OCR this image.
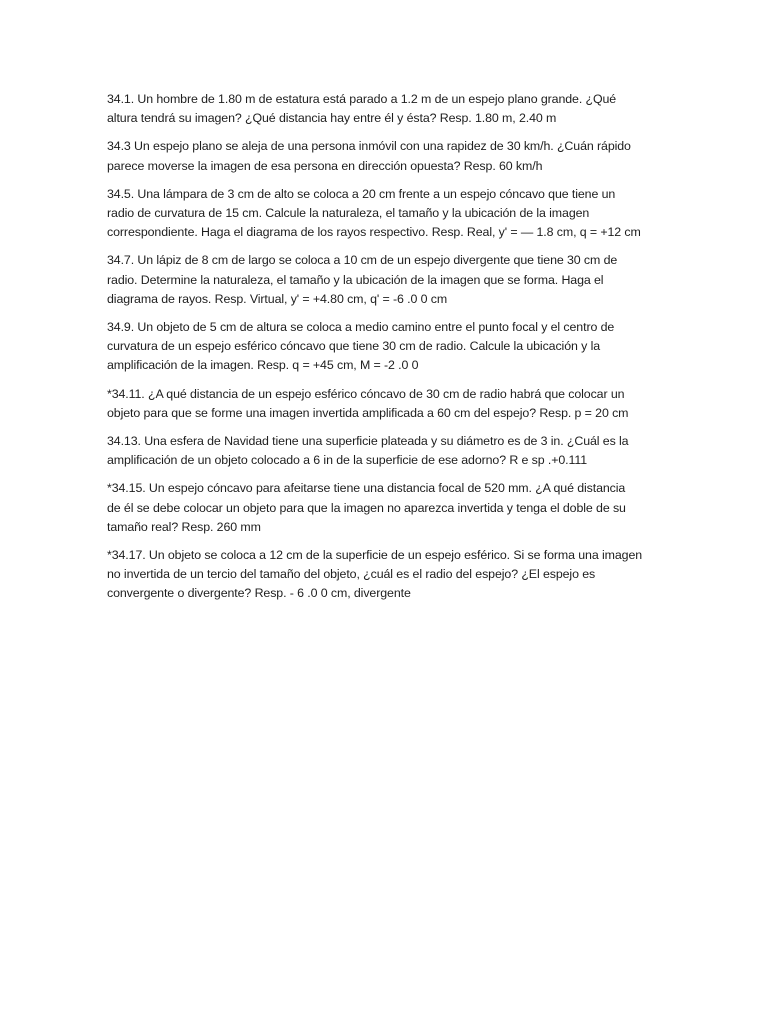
34.1. Un hombre de 1.80 m de estatura está parado a 1.2 m de un espejo plano grande. ¿Qué
altura tendrá su imagen? ¿Qué distancia hay entre él y ésta? Resp. 1.80 m, 2.40 m

34.3 Un espejo plano se aleja de una persona inmóvil con una rapidez de 30 km/h. ¿Cuán rápido
parece moverse la imagen de esa persona en dirección opuesta? Resp. 60 km/h

34.5. Una lámpara de 3 cm de alto se coloca a 20 cm frente a un espejo cóncavo que tiene un
radio de curvatura de 15 cm. Calcule la naturaleza, el tamaño y la ubicación de la imagen
correspondiente. Haga el diagrama de los rayos respectivo. Resp. Real, y' = — 1.8 cm, q = +12 cm

34.7. Un lápiz de 8 cm de largo se coloca a 10 cm de un espejo divergente que tiene 30 cm de
radio. Determine la naturaleza, el tamaño y la ubicación de la imagen que se forma. Haga el
diagrama de rayos. Resp. Virtual, y' = +4.80 cm, q' = -6 .0 0 cm

34.9. Un objeto de 5 cm de altura se coloca a medio camino entre el punto focal y el centro de
curvatura de un espejo esférico cóncavo que tiene 30 cm de radio. Calcule la ubicación y la
amplificación de la imagen. Resp. q = +45 cm, M = -2 .0 0

*34.11. ¿A qué distancia de un espejo esférico cóncavo de 30 cm de radio habrá que colocar un
objeto para que se forme una imagen invertida amplificada a 60 cm del espejo? Resp. p = 20 cm

34.13. Una esfera de Navidad tiene una superficie plateada y su diámetro es de 3 in. ¿Cuál es la
amplificación de un objeto colocado a 6 in de la superficie de ese adorno? R e sp .+0.111

*34.15. Un espejo cóncavo para afeitarse tiene una distancia focal de 520 mm. ¿A qué distancia
de él se debe colocar un objeto para que la imagen no aparezca invertida y tenga el doble de su
tamaño real? Resp. 260 mm

*34.17. Un objeto se coloca a 12 cm de la superficie de un espejo esférico. Si se forma una imagen
no invertida de un tercio del tamaño del objeto, ¿cuál es el radio del espejo? ¿El espejo es
convergente o divergente? Resp. - 6 .0 0 cm, divergente
